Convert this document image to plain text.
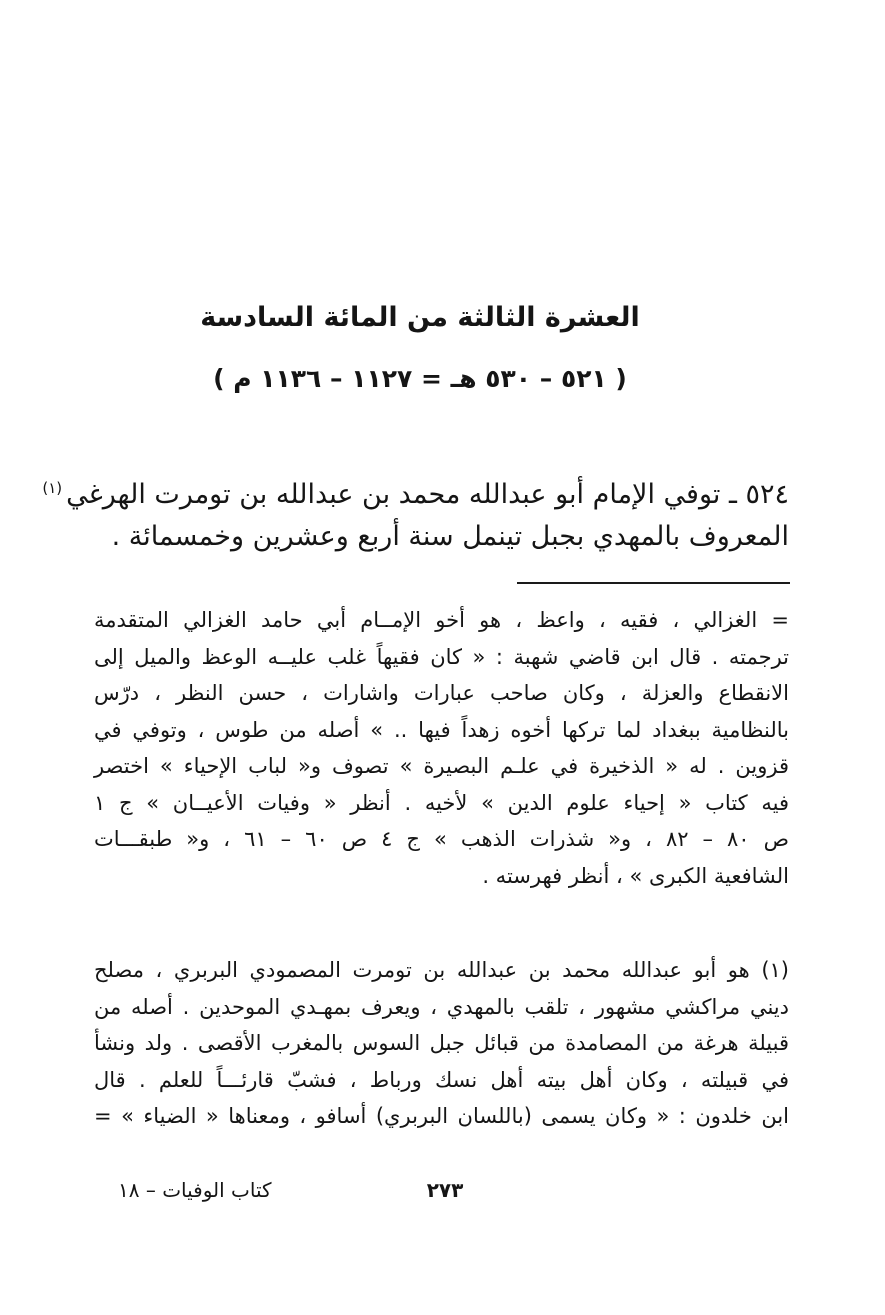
العشرة الثالثة من المائة السادسة
( ٥٢١ – ٥٣٠ هـ = ١١٢٧ – ١١٣٦ م )
٥٢٤ ـ توفي الإمام أبو عبدالله محمد بن عبدالله بن تومرت الهرغي$^{(١)}$
المعروف بالمهدي بجبل تينمل سنة أربع وعشرين وخمسمائة .
= الغزالي ، فقيه ، واعظ ، هو أخو الإمــام أبي حامد الغزالي المتقدمة
ترجمته . قال ابن قاضي شهبة : « كان فقيهاً غلب عليــه الوعظ والميل إلى
الانقطاع والعزلة ، وكان صاحب عبارات واشارات ، حسن النظر ، درّس
بالنظامية ببغداد لما تركها أخوه زهداً فيها .. » أصله من طوس ، وتوفي في
قزوين . له « الذخيرة في علـم البصيرة » تصوف و« لباب الإحياء » اختصر
فيه كتاب « إحياء علوم الدين » لأخيه . أنظر « وفيات الأعيــان » ج ١
ص ٨٠ – ٨٢ ، و« شذرات الذهب » ج ٤ ص ٦٠ – ٦١ ، و« طبقـــات
الشافعية الكبرى » ، أنظر فهرسته .
(١) هو أبو عبدالله محمد بن عبدالله بن تومرت المصمودي البربري ، مصلح
ديني مراكشي مشهور ، تلقب بالمهدي ، ويعرف بمهـدي الموحدين . أصله من
قبيلة هرغة من المصامدة من قبائل جبل السوس بالمغرب الأقصى . ولد ونشأ
في قبيلته ، وكان أهل بيته أهل نسك ورباط ، فشبّ قارئـــاً للعلم . قال
ابن خلدون : « وكان يسمى (باللسان البربري) أسافو ، ومعناها « الضياء » =
٢٧٣
كتاب الوفيات – ١٨
